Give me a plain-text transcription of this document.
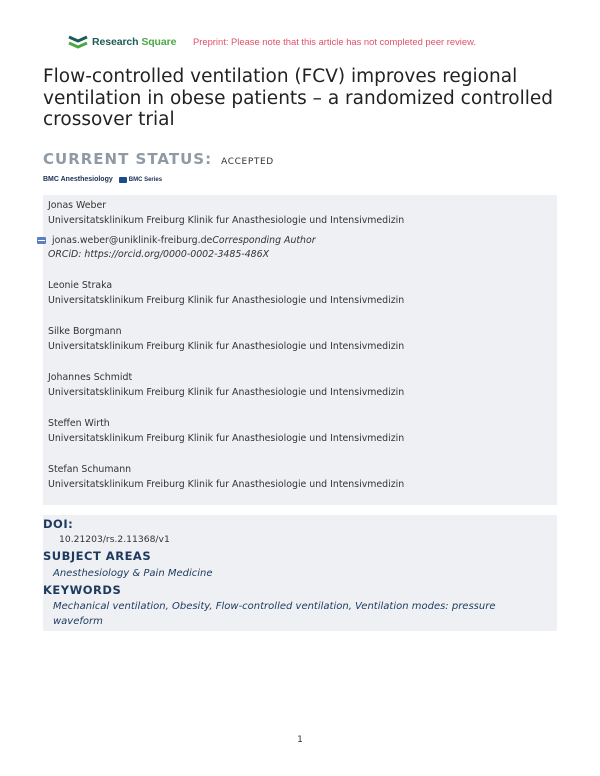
Research Square Preprint: Please note that this article has not completed peer review.
Flow-controlled ventilation (FCV) improves regional ventilation in obese patients – a randomized controlled crossover trial
CURRENT STATUS: ACCEPTED
BMC Anesthesiology	BMC Series
Jonas Weber
Universitatsklinikum Freiburg Klinik fur Anasthesiologie und Intensivmedizin
jonas.weber@uniklinik-freiburg.de Corresponding Author
ORCiD: https://orcid.org/0000-0002-3485-486X
Leonie Straka
Universitatsklinikum Freiburg Klinik fur Anasthesiologie und Intensivmedizin
Silke Borgmann
Universitatsklinikum Freiburg Klinik fur Anasthesiologie und Intensivmedizin
Johannes Schmidt
Universitatsklinikum Freiburg Klinik fur Anasthesiologie und Intensivmedizin
Steffen Wirth
Universitatsklinikum Freiburg Klinik fur Anasthesiologie und Intensivmedizin
Stefan Schumann
Universitatsklinikum Freiburg Klinik fur Anasthesiologie und Intensivmedizin
DOI:
10.21203/rs.2.11368/v1
SUBJECT AREAS
Anesthesiology & Pain Medicine
KEYWORDS
Mechanical ventilation, Obesity, Flow-controlled ventilation, Ventilation modes: pressure waveform
1
